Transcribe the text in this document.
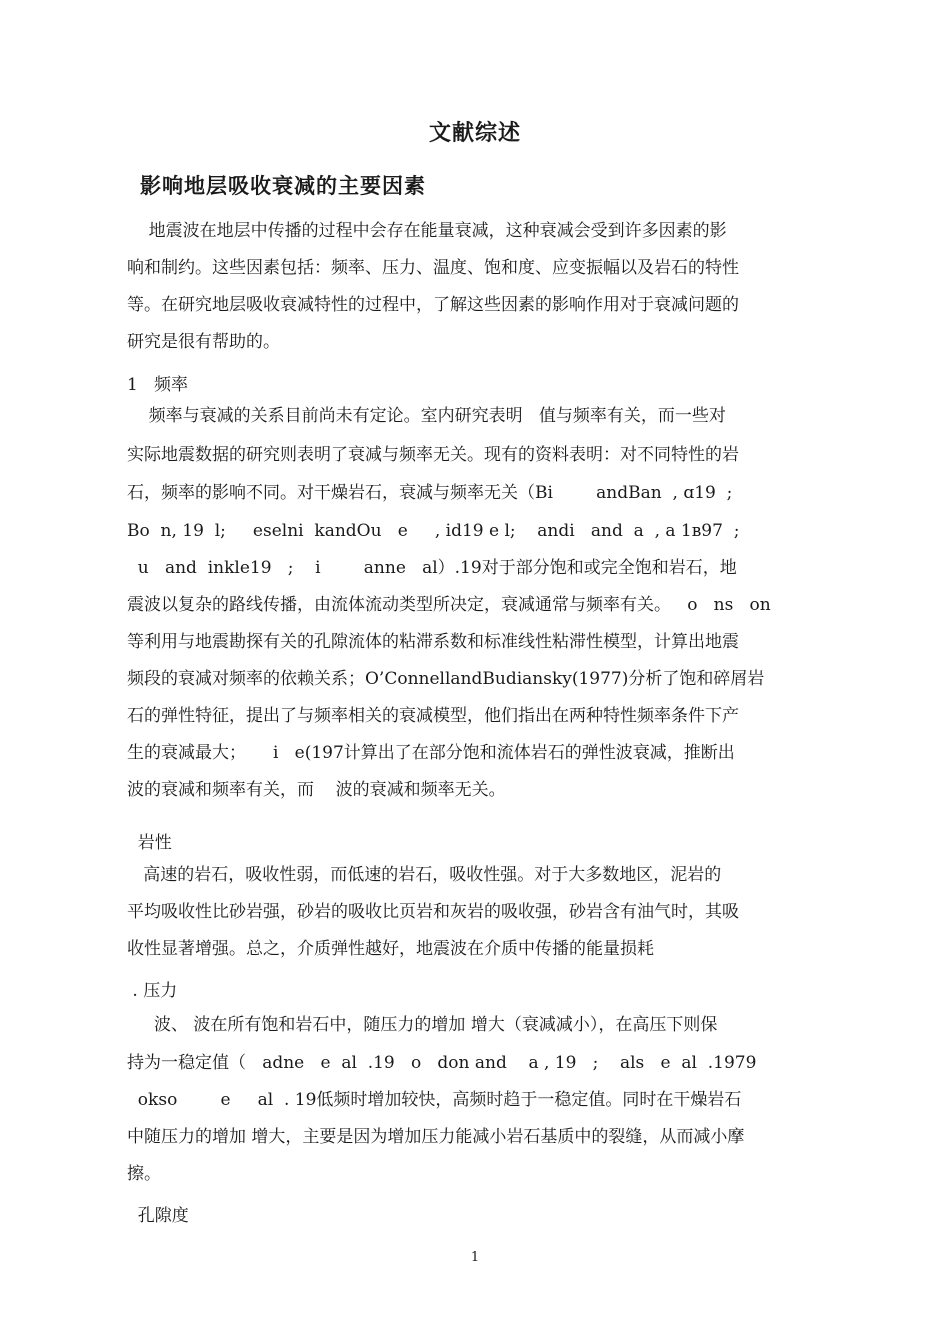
文献综述
影响地层吸收衰减的主要因素
地震波在地层中传播的过程中会存在能量衰减，这种衰减会受到许多因素的影
响和制约。这些因素包括：频率、压力、温度、饱和度、应变振幅以及岩石的特性
等。在研究地层吸收衰减特性的过程中，了解这些因素的影响作用对于衰减问题的
研究是很有帮助的。
1   频率
频率与衰减的关系目前尚未有定论。室内研究表明   值与频率有关，而一些对
实际地震数据的研究则表明了衰减与频率无关。现有的资料表明：对不同特性的岩
石，频率的影响不同。对干燥岩石，衰减与频率无关（Bi        andBan  , ɑ19  ;
Bo  n, 19  l;     eselni  kandOu   e     , id19 e l;    andi   and  a  , a 1ʙ97  ;
u   and  inkle19   ;    i        anne   al）.19对于部分饱和或完全饱和岩石，地
震波以复杂的路线传播，由流体流动类型所决定，衰减通常与频率有关。   o   ns   on
等利用与地震勘探有关的孔隙流体的粘滞系数和标准线性粘滞性模型，计算出地震
频段的衰减对频率的依赖关系；O’ConnellandBudiansky(1977)分析了饱和碎屑岩
石的弹性特征，提出了与频率相关的衰减模型，他们指出在两种特性频率条件下产
生的衰减最大；     i   e(197计算出了在部分饱和流体岩石的弹性波衰减，推断出
波的衰减和频率有关，而    波的衰减和频率无关。
岩性
高速的岩石，吸收性弱，而低速的岩石，吸收性强。对于大多数地区，泥岩的
平均吸收性比砂岩强，砂岩的吸收比页岩和灰岩的吸收强，砂岩含有油气时，其吸
收性显著增强。总之，介质弹性越好，地震波在介质中传播的能量损耗
. 压力
波、 波在所有饱和岩石中，随压力的增加 增大（衰减减小），在高压下则保
持为一稳定值（   adne   e  al  .19   o   don and    a , 19   ;    als   e  al  .1979
okso        e     al  . 19低频时增加较快，高频时趋于一稳定值。同时在干燥岩石
中随压力的增加 增大，主要是因为增加压力能减小岩石基质中的裂缝，从而减小摩
擦。
孔隙度
1
